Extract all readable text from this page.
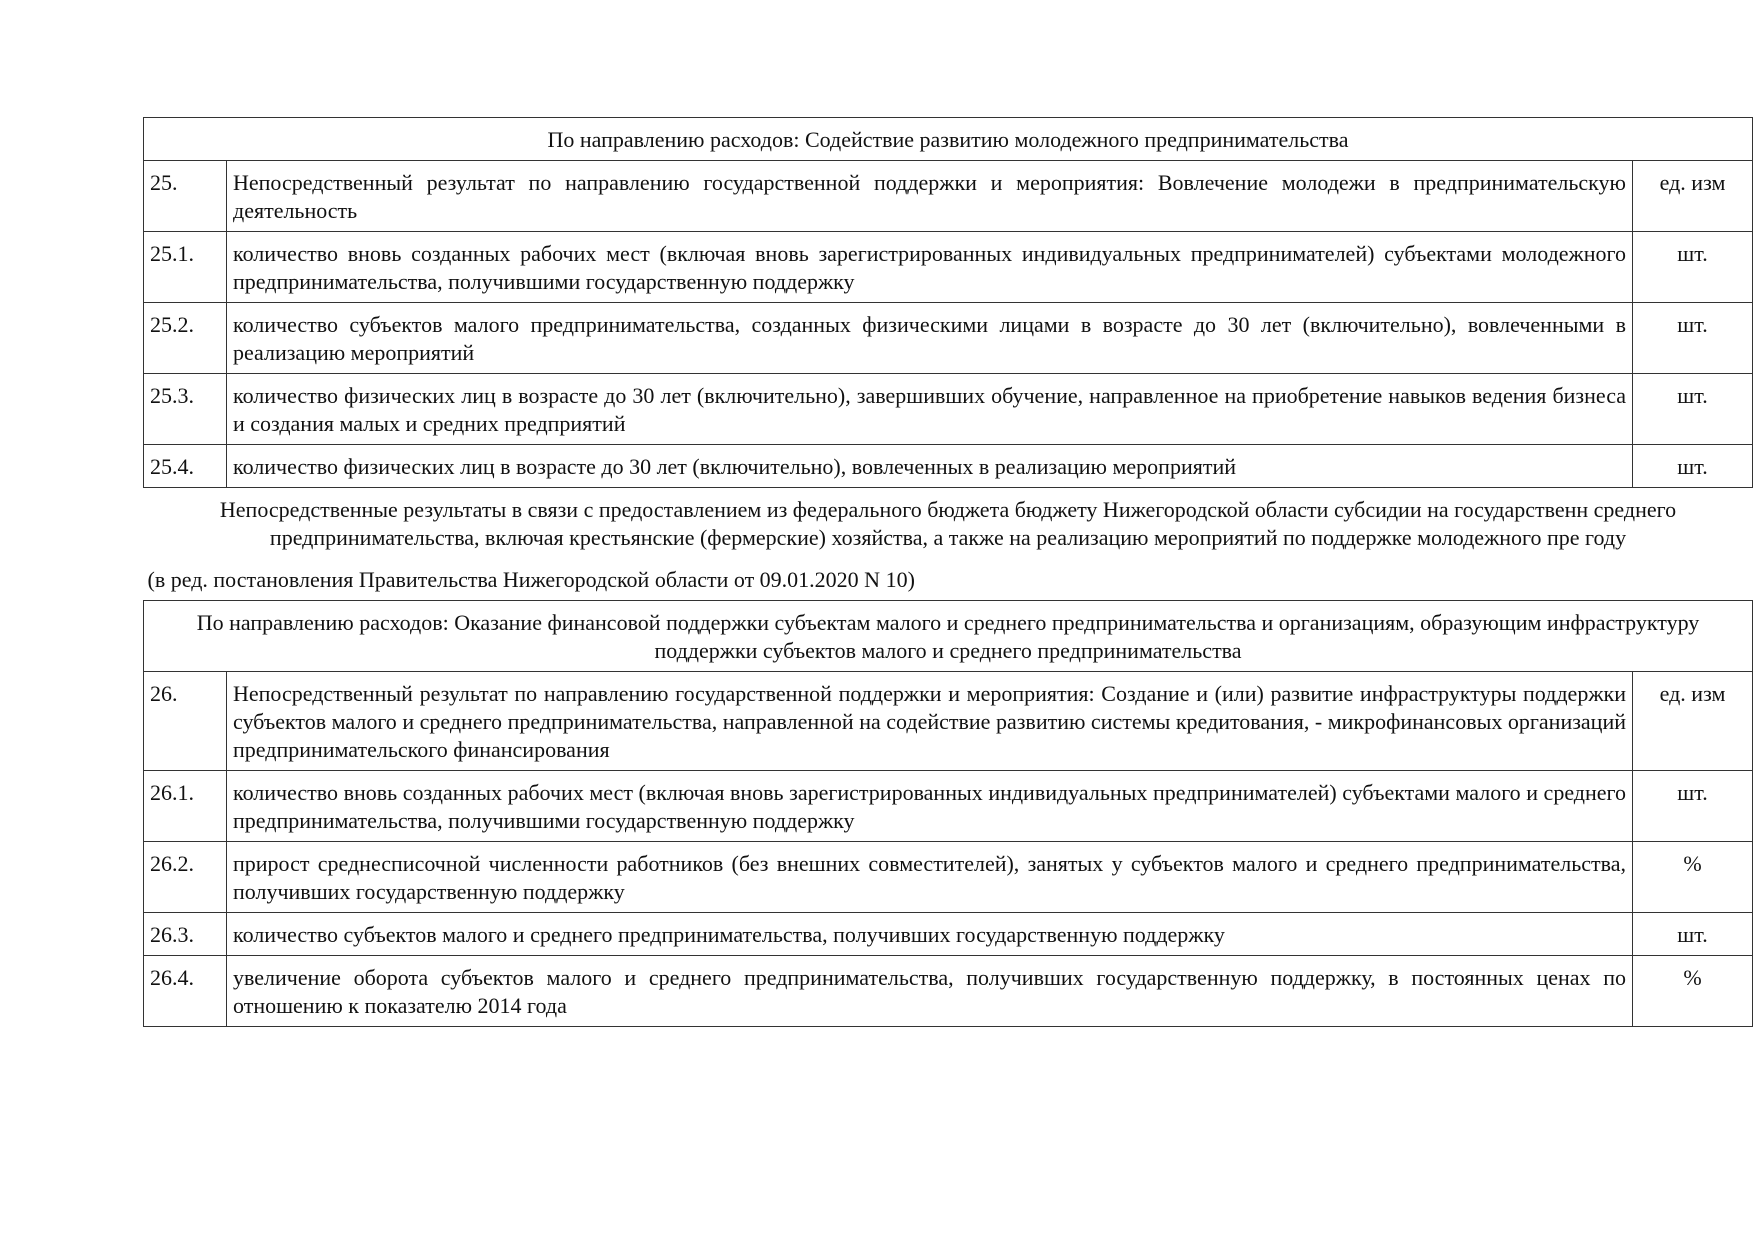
По направлению расходов: Содействие развитию молодежного предпринимательства		
25.	Непосредственный результат по направлению государственной поддержки и мероприятия: Вовлечение молодежи в предпринимательскую деятельность	ед. изм
25.1.	количество вновь созданных рабочих мест (включая вновь зарегистрированных индивидуальных предпринимателей) субъектами молодежного предпринимательства, получившими государственную поддержку	шт.
25.2.	количество субъектов малого предпринимательства, созданных физическими лицами в возрасте до 30 лет (включительно), вовлеченными в реализацию мероприятий	шт.
25.3.	количество физических лиц в возрасте до 30 лет (включительно), завершивших обучение, направленное на приобретение навыков ведения бизнеса и создания малых и средних предприятий	шт.
25.4.	количество физических лиц в возрасте до 30 лет (включительно), вовлеченных в реализацию мероприятий	шт.

Непосредственные результаты в связи с предоставлением из федерального бюджета бюджету Нижегородской области субсидии на государственн среднего предпринимательства, включая крестьянские (фермерские) хозяйства, а также на реализацию мероприятий по поддержке молодежного пре году
(в ред. постановления Правительства Нижегородской области от 09.01.2020 N 10)		

По направлению расходов: Оказание финансовой поддержки субъектам малого и среднего предпринимательства и организациям, образующим инфраструктуру поддержки субъектов малого и среднего предпринимательства		
26.	Непосредственный результат по направлению государственной поддержки и мероприятия: Создание и (или) развитие инфраструктуры поддержки субъектов малого и среднего предпринимательства, направленной на содействие развитию системы кредитования, - микрофинансовых организаций предпринимательского финансирования	ед. изм
26.1.	количество вновь созданных рабочих мест (включая вновь зарегистрированных индивидуальных предпринимателей) субъектами малого и среднего предпринимательства, получившими государственную поддержку	шт.
26.2.	прирост среднесписочной численности работников (без внешних совместителей), занятых у субъектов малого и среднего предпринимательства, получивших государственную поддержку	%
26.3.	количество субъектов малого и среднего предпринимательства, получивших государственную поддержку	шт.
26.4.	увеличение оборота субъектов малого и среднего предпринимательства, получивших государственную поддержку, в постоянных ценах по отношению к показателю 2014 года	%
